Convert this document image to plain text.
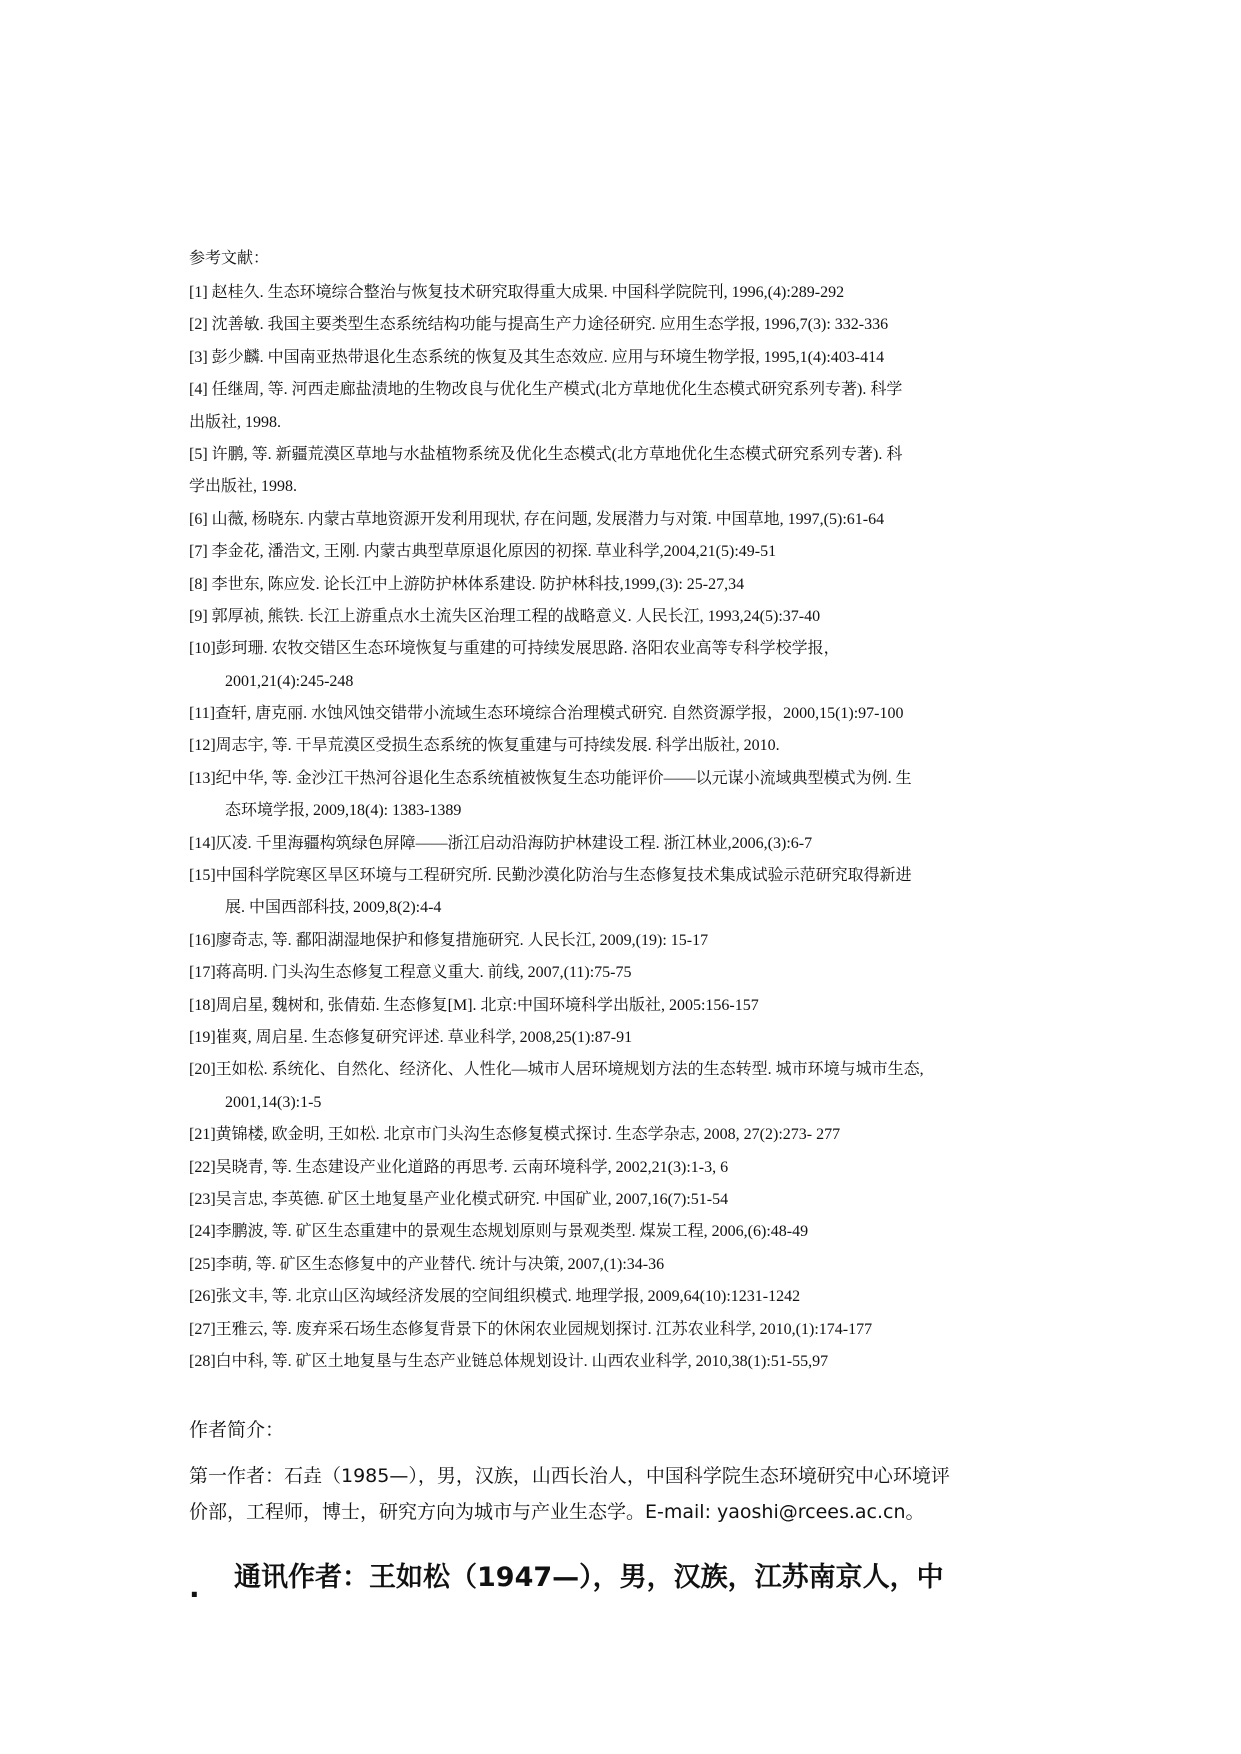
参考文献：
[1] 赵桂久. 生态环境综合整治与恢复技术研究取得重大成果. 中国科学院院刊, 1996,(4):289-292
[2] 沈善敏. 我国主要类型生态系统结构功能与提高生产力途径研究. 应用生态学报, 1996,7(3): 332-336
[3] 彭少麟. 中国南亚热带退化生态系统的恢复及其生态效应. 应用与环境生物学报, 1995,1(4):403-414
[4] 任继周, 等. 河西走廊盐渍地的生物改良与优化生产模式(北方草地优化生态模式研究系列专著). 科学
出版社, 1998.
[5] 许鹏, 等. 新疆荒漠区草地与水盐植物系统及优化生态模式(北方草地优化生态模式研究系列专著). 科
学出版社, 1998.
[6] 山薇, 杨晓东. 内蒙古草地资源开发利用现状, 存在问题, 发展潜力与对策. 中国草地, 1997,(5):61-64
[7] 李金花, 潘浩文, 王刚. 内蒙古典型草原退化原因的初探. 草业科学,2004,21(5):49-51
[8] 李世东, 陈应发. 论长江中上游防护林体系建设. 防护林科技,1999,(3): 25-27,34
[9] 郭厚祯, 熊铁. 长江上游重点水土流失区治理工程的战略意义. 人民长江, 1993,24(5):37-40
[10]彭珂珊. 农牧交错区生态环境恢复与重建的可持续发展思路. 洛阳农业高等专科学校学报，
2001,21(4):245-248
[11]查轩, 唐克丽. 水蚀风蚀交错带小流域生态环境综合治理模式研究. 自然资源学报，2000,15(1):97-100
[12]周志宇, 等. 干旱荒漠区受损生态系统的恢复重建与可持续发展. 科学出版社, 2010.
[13]纪中华, 等. 金沙江干热河谷退化生态系统植被恢复生态功能评价——以元谋小流域典型模式为例. 生
态环境学报, 2009,18(4): 1383-1389
[14]仄凌. 千里海疆构筑绿色屏障——浙江启动沿海防护林建设工程. 浙江林业,2006,(3):6-7
[15]中国科学院寒区旱区环境与工程研究所. 民勤沙漠化防治与生态修复技术集成试验示范研究取得新进
展. 中国西部科技, 2009,8(2):4-4
[16]廖奇志, 等. 鄱阳湖湿地保护和修复措施研究. 人民长江, 2009,(19): 15-17
[17]蒋高明. 门头沟生态修复工程意义重大. 前线, 2007,(11):75-75
[18]周启星, 魏树和, 张倩茹. 生态修复[M]. 北京:中国环境科学出版社, 2005:156-157
[19]崔爽, 周启星. 生态修复研究评述. 草业科学, 2008,25(1):87-91
[20]王如松. 系统化、自然化、经济化、人性化—城市人居环境规划方法的生态转型. 城市环境与城市生态,
2001,14(3):1-5
[21]黄锦楼, 欧金明, 王如松. 北京市门头沟生态修复模式探讨. 生态学杂志, 2008, 27(2):273- 277
[22]吴晓青, 等. 生态建设产业化道路的再思考. 云南环境科学, 2002,21(3):1-3, 6
[23]吴言忠, 李英德. 矿区土地复垦产业化模式研究. 中国矿业, 2007,16(7):51-54
[24]李鹏波, 等. 矿区生态重建中的景观生态规划原则与景观类型. 煤炭工程, 2006,(6):48-49
[25]李萌, 等. 矿区生态修复中的产业替代. 统计与决策, 2007,(1):34-36
[26]张文丰, 等. 北京山区沟域经济发展的空间组织模式. 地理学报, 2009,64(10):1231-1242
[27]王雅云, 等. 废弃采石场生态修复背景下的休闲农业园规划探讨. 江苏农业科学, 2010,(1):174-177
[28]白中科, 等. 矿区土地复垦与生态产业链总体规划设计. 山西农业科学, 2010,38(1):51-55,97
作者简介：
第一作者：石垚（1985—），男，汉族，山西长治人，中国科学院生态环境研究中心环境评
价部，工程师，博士，研究方向为城市与产业生态学。E-mail: yaoshi@rcees.ac.cn。
. 通讯作者：王如松（1947—），男，汉族，江苏南京人，中
